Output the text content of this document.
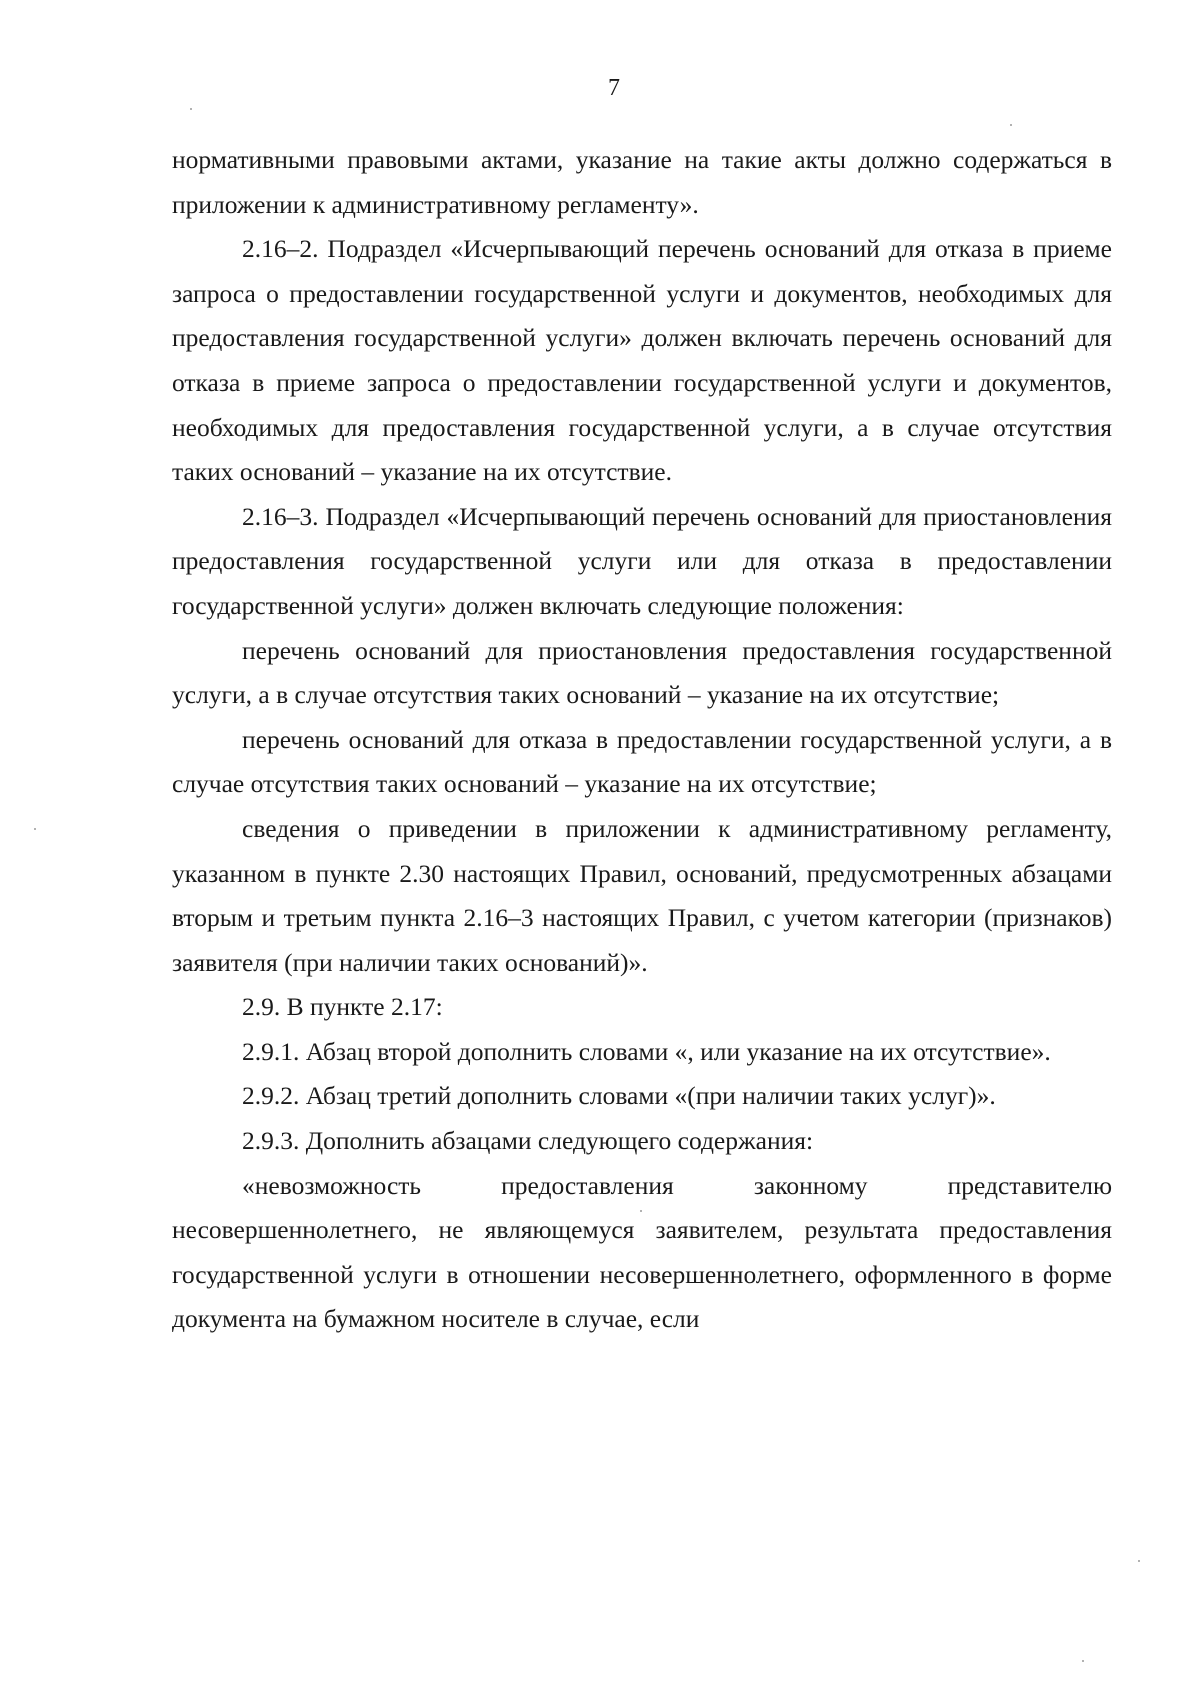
7

нормативными правовыми актами, указание на такие акты должно содержаться в приложении к административному регламенту».

2.16–2. Подраздел «Исчерпывающий перечень оснований для отказа в приеме запроса о предоставлении государственной услуги и документов, необходимых для предоставления государственной услуги» должен включать перечень оснований для отказа в приеме запроса о предоставлении государственной услуги и документов, необходимых для предоставления государственной услуги, а в случае отсутствия таких оснований – указание на их отсутствие.

2.16–3. Подраздел «Исчерпывающий перечень оснований для приостановления предоставления государственной услуги или для отказа в предоставлении государственной услуги» должен включать следующие положения:

перечень оснований для приостановления предоставления государственной услуги, а в случае отсутствия таких оснований – указание на их отсутствие;

перечень оснований для отказа в предоставлении государственной услуги, а в случае отсутствия таких оснований – указание на их отсутствие;

сведения о приведении в приложении к административному регламенту, указанном в пункте 2.30 настоящих Правил, оснований, предусмотренных абзацами вторым и третьим пункта 2.16–3 настоящих Правил, с учетом категории (признаков) заявителя (при наличии таких оснований)».

2.9. В пункте 2.17:

2.9.1. Абзац второй дополнить словами «, или указание на их отсутствие».

2.9.2. Абзац третий дополнить словами «(при наличии таких услуг)».

2.9.3. Дополнить абзацами следующего содержания:

«невозможность предоставления законному представителю несовершеннолетнего, не являющемуся заявителем, результата предоставления государственной услуги в отношении несовершеннолетнего, оформленного в форме документа на бумажном носителе в случае, если
